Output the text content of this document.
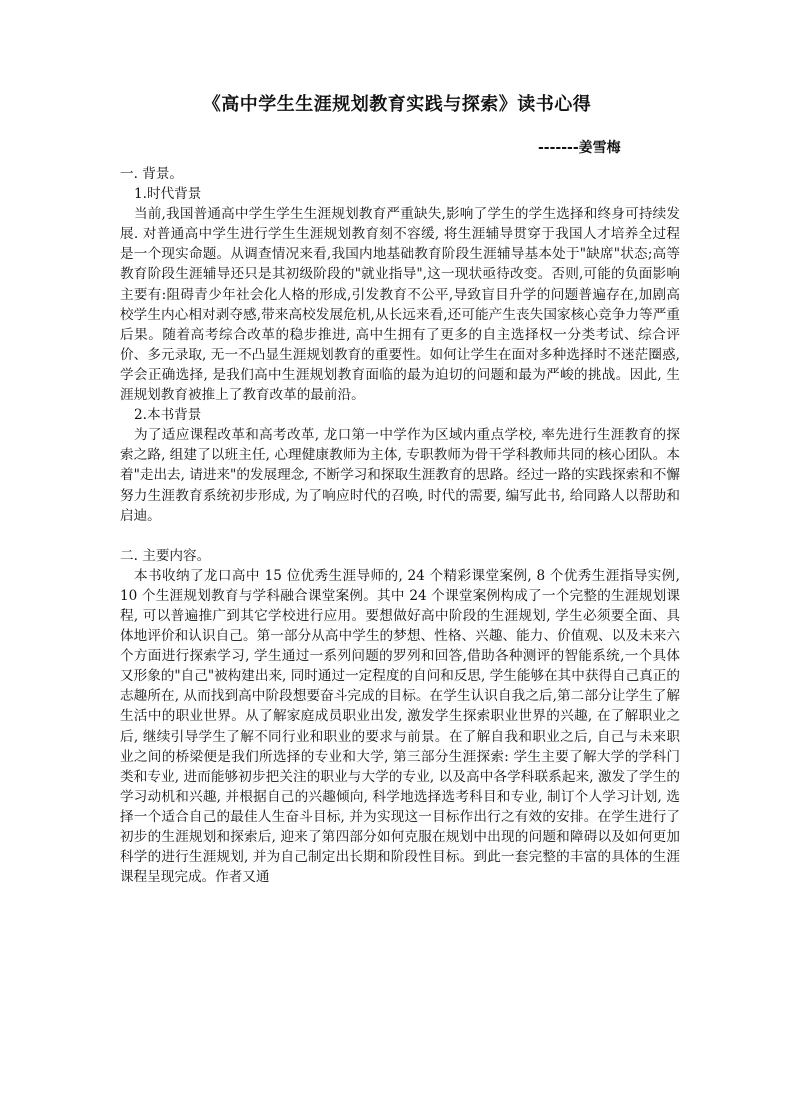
《高中学生生涯规划教育实践与探索》读书心得
-------姜雪梅

一. 背景。

1.时代背景

当前,我国普通高中学生学生生涯规划教育严重缺失,影响了学生的学生选择和终身可持续发展. 对普通高中学生进行学生生涯规划教育刻不容缓, 将生涯辅导贯穿于我国人才培养全过程是一个现实命题。从调查情况来看,我国内地基础教育阶段生涯辅导基本处于"缺席"状态;高等教育阶段生涯辅导还只是其初级阶段的"就业指导",这一现状亟待改变。否则,可能的负面影响主要有:阻碍青少年社会化人格的形成,引发教育不公平,导致盲目升学的问题普遍存在,加剧高校学生内心相对剥夺感,带来高校发展危机,从长远来看,还可能产生丧失国家核心竞争力等严重后果。随着高考综合改革的稳步推进, 高中生拥有了更多的自主选择权一分类考试、综合评价、多元录取, 无一不凸显生涯规划教育的重要性。如何让学生在面对多种选择时不迷茫圈惑, 学会正确选择, 是我们高中生涯规划教育面临的最为迫切的问题和最为严峻的挑战。因此, 生涯规划教育被推上了教育改革的最前沿。

2.本书背景

为了适应课程改革和高考改革, 龙口第一中学作为区域内重点学校, 率先进行生涯教育的探索之路, 组建了以班主任, 心理健康教师为主体, 专职教师为骨干学科教师共同的核心团队。本着"走出去, 请进来"的发展理念, 不断学习和探取生涯教育的思路。经过一路的实践探索和不懈努力生涯教育系统初步形成, 为了响应时代的召唤, 时代的需要, 编写此书, 给同路人以帮助和启迪。

二. 主要内容。

本书收纳了龙口高中 15 位优秀生涯导师的, 24 个精彩课堂案例, 8 个优秀生涯指导实例, 10 个生涯规划教育与学科融合课堂案例。其中 24 个课堂案例构成了一个完整的生涯规划课程, 可以普遍推广到其它学校进行应用。要想做好高中阶段的生涯规划, 学生必须要全面、具体地评价和认识自己。第一部分从高中学生的梦想、性格、兴趣、能力、价值观、以及未来六个方面进行探索学习, 学生通过一系列问题的罗列和回答,借助各种测评的智能系统,一个具体又形象的"自己"被构建出来, 同时通过一定程度的自问和反思, 学生能够在其中获得自己真正的志趣所在, 从而找到高中阶段想要奋斗完成的目标。在学生认识自我之后,第二部分让学生了解生活中的职业世界。从了解家庭成员职业出发, 激发学生探索职业世界的兴趣, 在了解职业之后, 继续引导学生了解不同行业和职业的要求与前景。在了解自我和职业之后, 自己与未来职业之间的桥梁便是我们所选择的专业和大学, 第三部分生涯探索: 学生主要了解大学的学科门类和专业, 进而能够初步把关注的职业与大学的专业, 以及高中各学科联系起来, 激发了学生的学习动机和兴趣, 并根据自己的兴趣倾向, 科学地选择选考科目和专业, 制订个人学习计划, 选择一个适合自己的最佳人生奋斗目标, 并为实现这一目标作出行之有效的安排。在学生进行了初步的生涯规划和探索后, 迎来了第四部分如何克服在规划中出现的问题和障碍以及如何更加科学的进行生涯规划, 并为自己制定出长期和阶段性目标。到此一套完整的丰富的具体的生涯课程呈现完成。作者又通
